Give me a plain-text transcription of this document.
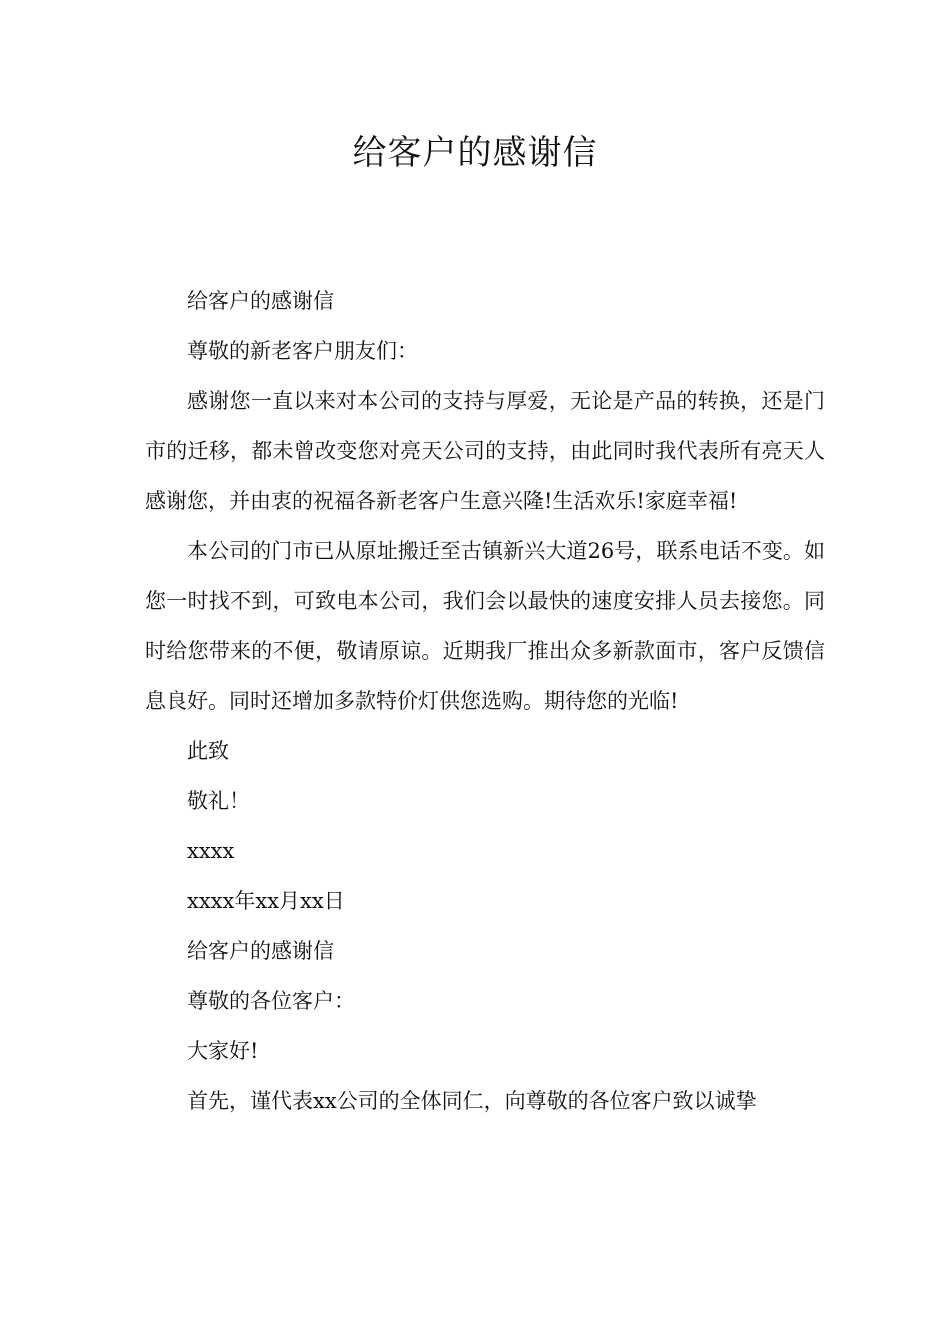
给客户的感谢信

给客户的感谢信

尊敬的新老客户朋友们：

感谢您一直以来对本公司的支持与厚爱，无论是产品的转换，还是门市的迁移，都未曾改变您对亮天公司的支持，由此同时我代表所有亮天人感谢您，并由衷的祝福各新老客户生意兴隆!生活欢乐!家庭幸福!

本公司的门市已从原址搬迁至古镇新兴大道26号，联系电话不变。如您一时找不到，可致电本公司，我们会以最快的速度安排人员去接您。同时给您带来的不便，敬请原谅。近期我厂推出众多新款面市，客户反馈信息良好。同时还增加多款特价灯供您选购。期待您的光临!

此致

敬礼！

xxxx

xxxx年xx月xx日

给客户的感谢信

尊敬的各位客户：

大家好!

首先，谨代表xx公司的全体同仁，向尊敬的各位客户致以诚挚
